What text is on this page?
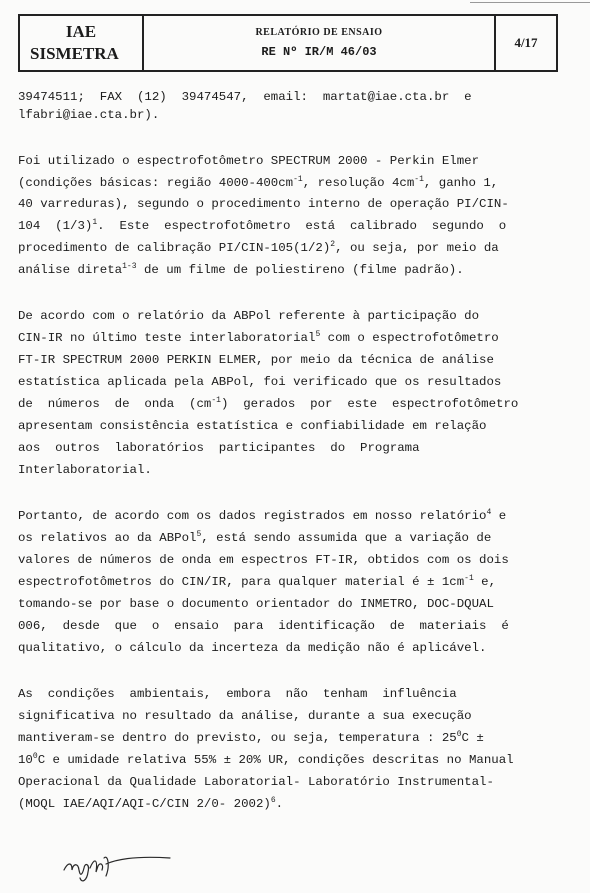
IAE
SISMETRA
RELATÓRIO DE ENSAIO
RE Nº IR/M 46/03
4/17
39474511;  FAX  (12)  39474547,  email:  martat@iae.cta.br  e
lfabri@iae.cta.br).
Foi utilizado o espectrofotômetro SPECTRUM 2000 - Perkin Elmer
(condições básicas: região $4000-400cm^{-1}$, resolução $4cm^{-1}$, ganho 1,
40 varreduras), segundo o procedimento interno de operação PI/CIN-
104  $(1/3)^1$.  Este  espectrofotômetro  está  calibrado  segundo  o
procedimento de calibração $PI/CIN-105(1/2)^2$, ou seja, por meio da
análise direta$^{1-3}$ de um filme de poliestireno (filme padrão).
De acordo com o relatório da ABPol referente à participação do
CIN-IR no último teste interlaboratorial$^5$ com o espectrofotômetro
FT-IR SPECTRUM 2000 PERKIN ELMER, por meio da técnica de análise
estatística aplicada pela ABPol, foi verificado que os resultados
de  números  de  onda  $(cm^{-1})$  gerados  por  este  espectrofotômetro
apresentam consistência estatística e confiabilidade em relação
aos  outros  laboratórios  participantes  do  Programa
Interlaboratorial.
Portanto, de acordo com os dados registrados em nosso relatório$^4$ e
os relativos ao da ABPol$^5$, está sendo assumida que a variação de
valores de números de onda em espectros FT-IR, obtidos com os dois
espectrofotômetros do CIN/IR, para qualquer material é ± $1cm^{-1}$ e,
tomando-se por base o documento orientador do INMETRO, DOC-DQUAL
006,  desde  que  o  ensaio  para  identificação  de  materiais  é
qualitativo, o cálculo da incerteza da medição não é aplicável.
As  condições  ambientais,  embora  não  tenham  influência
significativa no resultado da análise, durante a sua execução
mantiveram-se dentro do previsto, ou seja, temperatura : $25^0C$ ±
$10^0C$ e umidade relativa 55% ± 20% UR, condições descritas no Manual
Operacional da Qualidade Laboratorial- Laboratório Instrumental-
(MOQL IAE/AQI/AQI-C/CIN 2/0- 2002)$^6$.
